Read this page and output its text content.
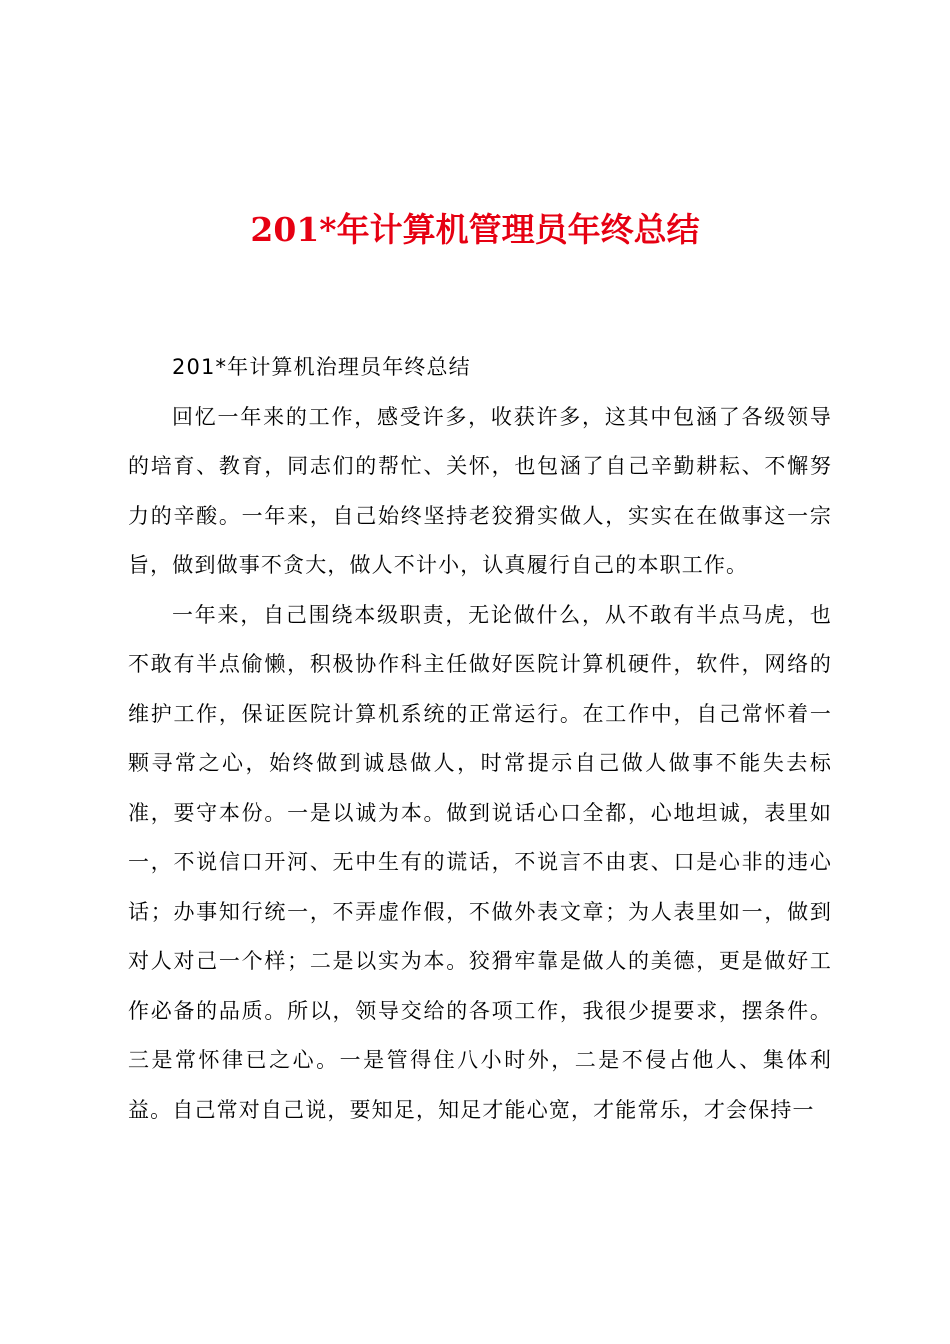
201*年计算机管理员年终总结

201*年计算机治理员年终总结

回忆一年来的工作，感受许多，收获许多，这其中包涵了各级领导的培育、教育，同志们的帮忙、关怀，也包涵了自己辛勤耕耘、不懈努力的辛酸。一年来，自己始终坚持老狡猾实做人，实实在在做事这一宗旨，做到做事不贪大，做人不计小，认真履行自己的本职工作。

一年来，自己围绕本级职责，无论做什么，从不敢有半点马虎，也不敢有半点偷懒，积极协作科主任做好医院计算机硬件，软件，网络的维护工作，保证医院计算机系统的正常运行。在工作中，自己常怀着一颗寻常之心，始终做到诚恳做人，时常提示自己做人做事不能失去标准，要守本份。一是以诚为本。做到说话心口全都，心地坦诚，表里如一，不说信口开河、无中生有的谎话，不说言不由衷、口是心非的违心话；办事知行统一，不弄虚作假，不做外表文章；为人表里如一，做到对人对己一个样；二是以实为本。狡猾牢靠是做人的美德，更是做好工作必备的品质。所以，领导交给的各项工作，我很少提要求，摆条件。三是常怀律已之心。一是管得住八小时外，二是不侵占他人、集体利益。自己常对自己说，要知足，知足才能心宽，才能常乐，才会保持一
